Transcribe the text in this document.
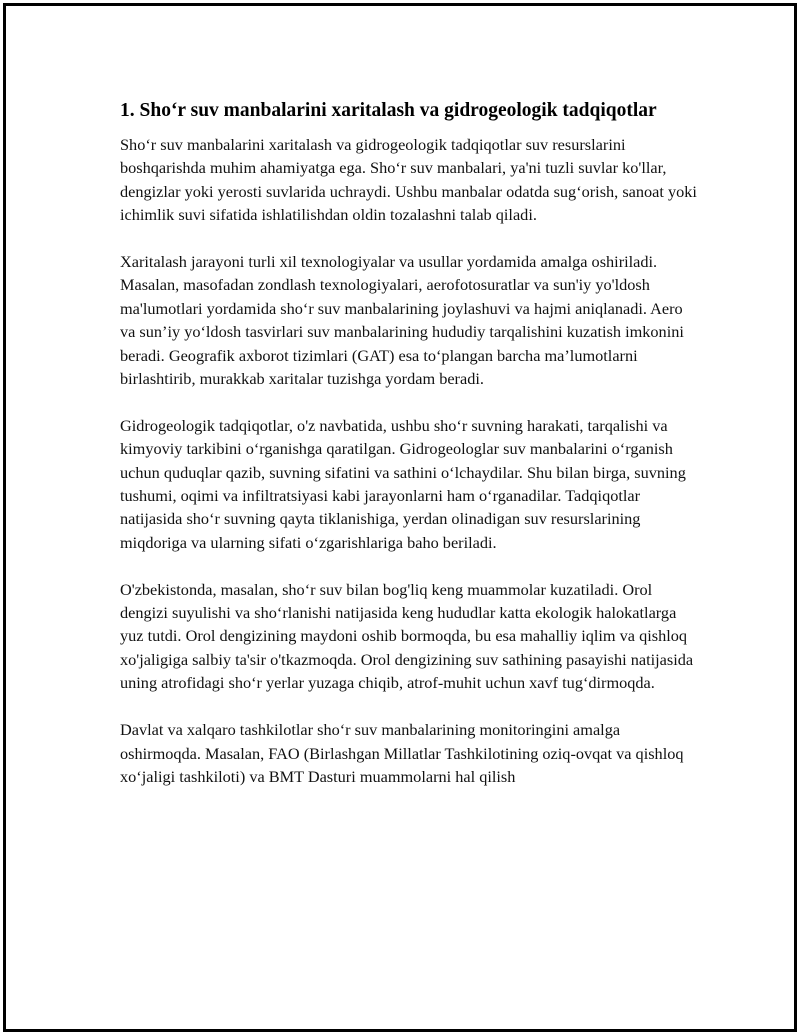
1. Sho‘r suv manbalarini xaritalash va gidrogeologik tadqiqotlar

Sho‘r suv manbalarini xaritalash va gidrogeologik tadqiqotlar suv resurslarini boshqarishda muhim ahamiyatga ega. Sho‘r suv manbalari, ya'ni tuzli suvlar ko'llar, dengizlar yoki yerosti suvlarida uchraydi. Ushbu manbalar odatda sug‘orish, sanoat yoki ichimlik suvi sifatida ishlatilishdan oldin tozalashni talab qiladi.

Xaritalash jarayoni turli xil texnologiyalar va usullar yordamida amalga oshiriladi. Masalan, masofadan zondlash texnologiyalari, aerofotosuratlar va sun'iy yo'ldosh ma'lumotlari yordamida sho‘r suv manbalarining joylashuvi va hajmi aniqlanadi. Aero va sun’iy yo‘ldosh tasvirlari suv manbalarining hududiy tarqalishini kuzatish imkonini beradi. Geografik axborot tizimlari (GAT) esa to‘plangan barcha ma’lumotlarni birlashtirib, murakkab xaritalar tuzishga yordam beradi.

Gidrogeologik tadqiqotlar, o'z navbatida, ushbu sho‘r suvning harakati, tarqalishi va kimyoviy tarkibini o‘rganishga qaratilgan. Gidrogeologlar suv manbalarini o‘rganish uchun quduqlar qazib, suvning sifatini va sathini o‘lchaydilar. Shu bilan birga, suvning tushumi, oqimi va infiltratsiyasi kabi jarayonlarni ham o‘rganadilar. Tadqiqotlar natijasida sho‘r suvning qayta tiklanishiga, yerdan olinadigan suv resurslarining miqdoriga va ularning sifati o‘zgarishlariga baho beriladi.

O'zbekistonda, masalan, sho‘r suv bilan bog'liq keng muammolar kuzatiladi. Orol dengizi suyulishi va sho‘rlanishi natijasida keng hududlar katta ekologik halokatlarga yuz tutdi. Orol dengizining maydoni oshib bormoqda, bu esa mahalliy iqlim va qishloq xo'jaligiga salbiy ta'sir o'tkazmoqda. Orol dengizining suv sathining pasayishi natijasida uning atrofidagi sho‘r yerlar yuzaga chiqib, atrof-muhit uchun xavf tug‘dirmoqda.

Davlat va xalqaro tashkilotlar sho‘r suv manbalarining monitoringini amalga oshirmoqda. Masalan, FAO (Birlashgan Millatlar Tashkilotining oziq-ovqat va qishloq xo‘jaligi tashkiloti) va BMT Dasturi muammolarni hal qilish
